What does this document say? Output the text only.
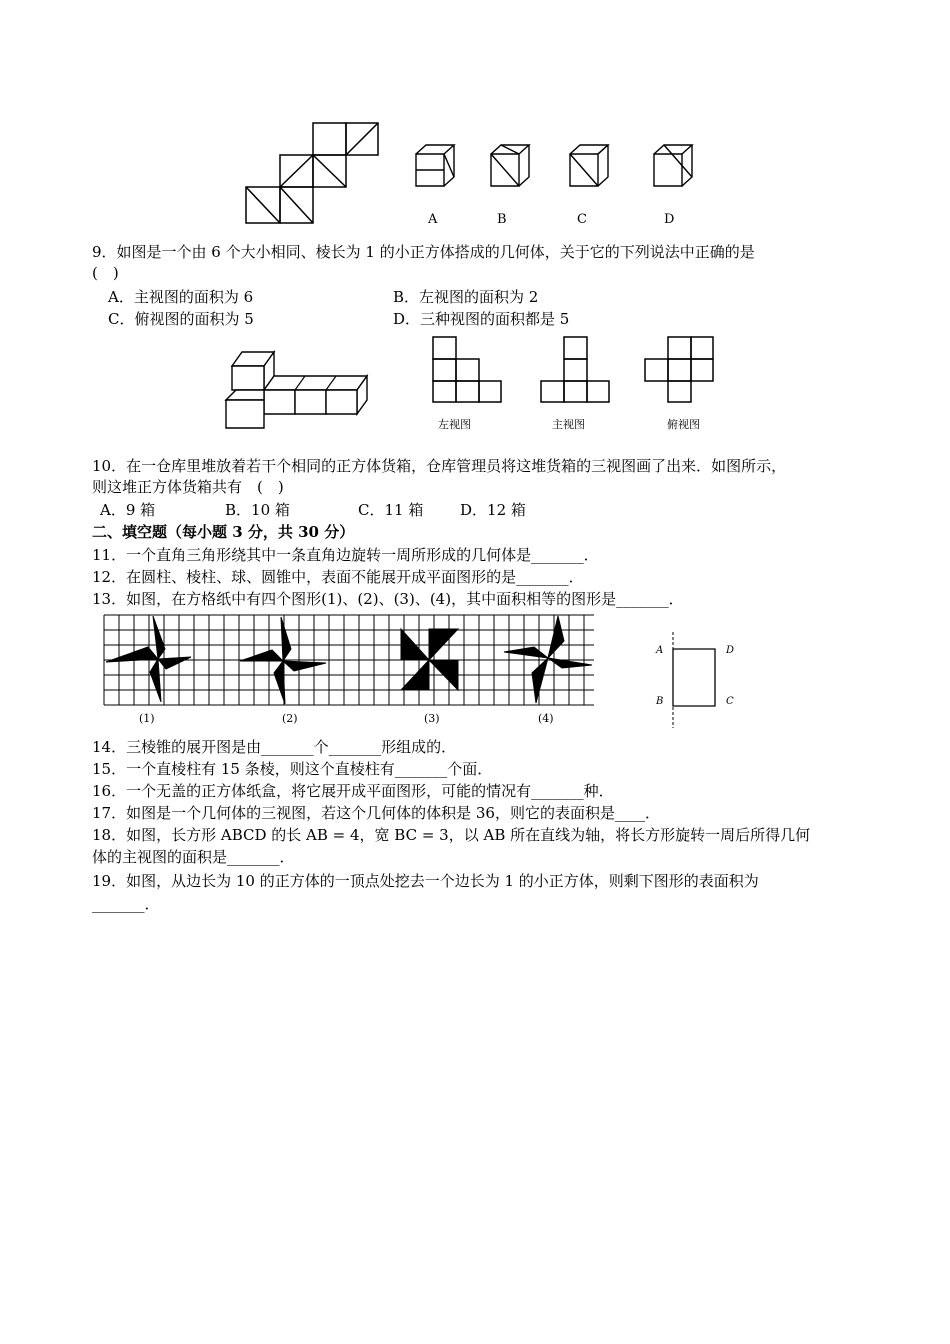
A	B	C	D
9．如图是一个由 6 个大小相同、棱长为 1 的小正方体搭成的几何体，关于它的下列说法中正确的是
(　)
A．主视图的面积为 6	B．左视图的面积为 2
C．俯视图的面积为 5	D．三种视图的面积都是 5
左视图	主视图	俯视图
10．在一仓库里堆放着若干个相同的正方体货箱，仓库管理员将这堆货箱的三视图画了出来．如图所示，
则这堆正方体货箱共有　(　)
A．9 箱	B．10 箱	C．11 箱 D．12 箱
二、填空题（每小题 3 分，共 30 分）
11．一个直角三角形绕其中一条直角边旋转一周所形成的几何体是_______．
12．在圆柱、棱柱、球、圆锥中，表面不能展开成平面图形的是_______．
13．如图，在方格纸中有四个图形(1)、(2)、(3)、(4)，其中面积相等的图形是_______．
(1)	(2)	(3)	(4)
A
B	C
D
14．三棱锥的展开图是由_______个_______形组成的．
15．一个直棱柱有 15 条棱，则这个直棱柱有_______个面．
16．一个无盖的正方体纸盒，将它展开成平面图形，可能的情况有_______种．
17．如图是一个几何体的三视图，若这个几何体的体积是 36，则它的表面积是____．
18．如图，长方形 ABCD 的长 AB = 4，宽 BC = 3，以 AB 所在直线为轴，将长方形旋转一周后所得几何
体的主视图的面积是_______．
19．如图，从边长为 10 的正方体的一顶点处挖去一个边长为 1 的小正方体，则剩下图形的表面积为
_______．
